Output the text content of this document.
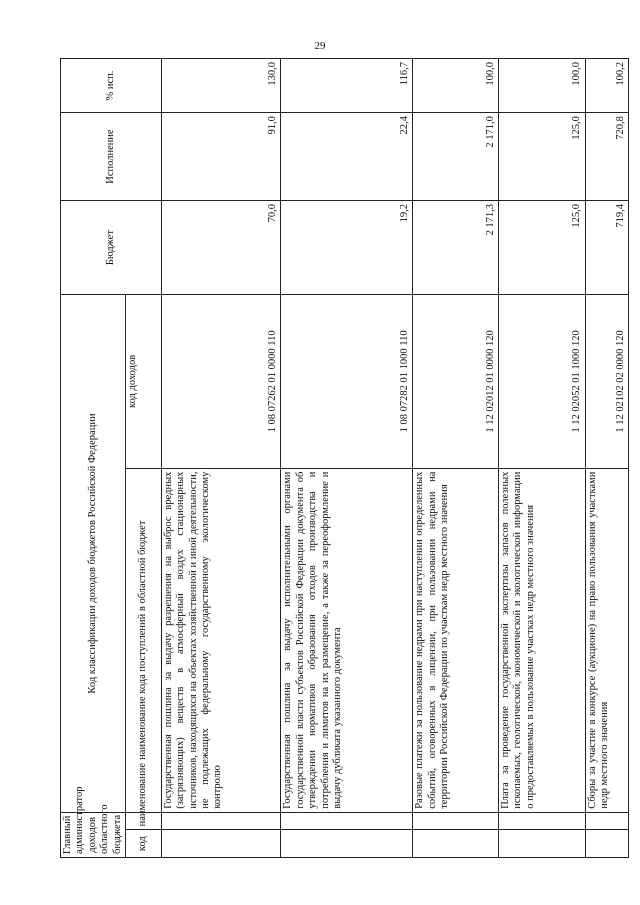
29
Главный администратор доходов областного бюджета		Код классификации доходов бюджетов Российской Федерации		Бюджет	Исполнение	% исп.
код	наименование	наименование кода поступлений в областной бюджет	код доходов			
		Государственная пошлина за выдачу разрешения на выброс вредных (загрязняющих) веществ в атмосферный воздух стационарных источников, находящихся на объектах хозяйственной и иной деятельности, не подлежащих федеральному государственному экологическому контролю	1 08 07262 01 0000 110	70,0	91,0	130,0
		Государственная пошлина за выдачу исполнительными органами государственной власти субъектов Российской Федерации документа об утверждении нормативов образования отходов производства и потребления и лимитов на их размещение, а также за переоформление и выдачу дубликата указанного документа	1 08 07282 01 1000 110	19,2	22,4	116,7
		Разовые платежи за пользование недрами при наступлении определенных событий, оговоренных в лицензии, при пользовании недрами на территории Российской Федерации по участкам недр местного значения	1 12 02012 01 0000 120	2 171,3	2 171,0	100,0
		Плата за проведение государственной экспертизы запасов полезных ископаемых, геологической, экономической и экологической информации о предоставляемых в пользование участках недр местного значения	1 12 02052 01 1000 120	125,0	125,0	100,0
		Сборы за участие в конкурсе (аукционе) на право пользования участками недр местного значения	1 12 02102 02 0000 120	719,4	720,8	100,2
